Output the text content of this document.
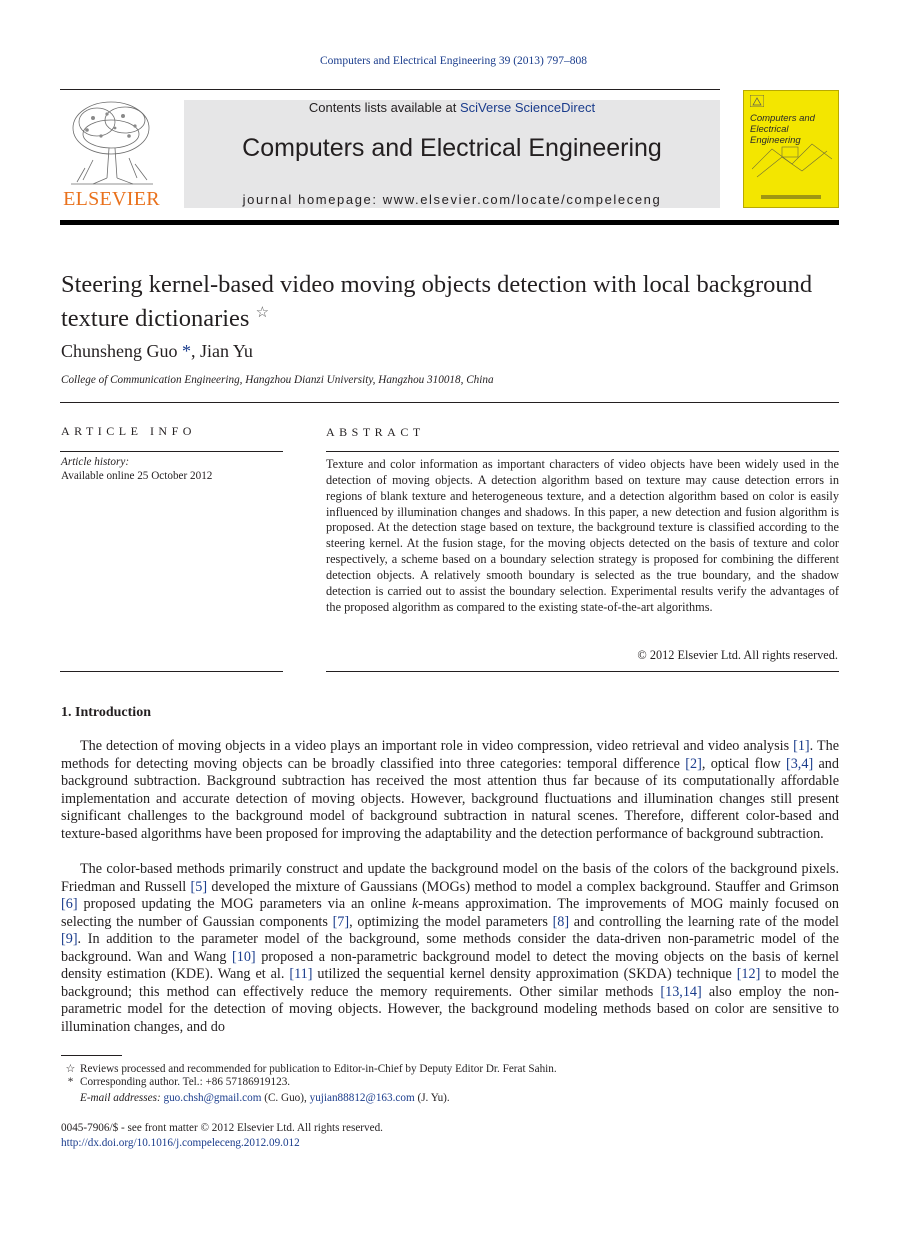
Computers and Electrical Engineering 39 (2013) 797–808
ELSEVIER
Contents lists available at SciVerse ScienceDirect
Computers and Electrical Engineering
journal homepage: www.elsevier.com/locate/compeleceng
Computers and
Electrical Engineering
Steering kernel-based video moving objects detection with local background texture dictionaries ☆
Chunsheng Guo *, Jian Yu
College of Communication Engineering, Hangzhou Dianzi University, Hangzhou 310018, China
ARTICLE INFO
Article history:
Available online 25 October 2012
ABSTRACT
Texture and color information as important characters of video objects have been widely used in the detection of moving objects. A detection algorithm based on texture may cause detection errors in regions of blank texture and heterogeneous texture, and a detection algorithm based on color is easily influenced by illumination changes and shadows. In this paper, a new detection and fusion algorithm is proposed. At the detection stage based on texture, the background texture is classified according to the steering kernel. At the fusion stage, for the moving objects detected on the basis of texture and color respectively, a scheme based on a boundary selection strategy is proposed for combining the different detection objects. A relatively smooth boundary is selected as the true boundary, and the shadow detection is carried out to assist the boundary selection. Experimental results verify the advantages of the proposed algorithm as compared to the existing state-of-the-art algorithms.
© 2012 Elsevier Ltd. All rights reserved.
1. Introduction
The detection of moving objects in a video plays an important role in video compression, video retrieval and video analysis [1]. The methods for detecting moving objects can be broadly classified into three categories: temporal difference [2], optical flow [3,4] and background subtraction. Background subtraction has received the most attention thus far because of its computationally affordable implementation and accurate detection of moving objects. However, background fluctuations and illumination changes still present significant challenges to the background model of background subtraction in natural scenes. Therefore, different color-based and texture-based algorithms have been proposed for improving the adaptability and the detection performance of background subtraction.
The color-based methods primarily construct and update the background model on the basis of the colors of the background pixels. Friedman and Russell [5] developed the mixture of Gaussians (MOGs) method to model a complex background. Stauffer and Grimson [6] proposed updating the MOG parameters via an online k-means approximation. The improvements of MOG mainly focused on selecting the number of Gaussian components [7], optimizing the model parameters [8] and controlling the learning rate of the model [9]. In addition to the parameter model of the background, some methods consider the data-driven non-parametric model of the background. Wan and Wang [10] proposed a non-parametric background model to detect the moving objects on the basis of kernel density estimation (KDE). Wang et al. [11] utilized the sequential kernel density approximation (SKDA) technique [12] to model the background; this method can effectively reduce the memory requirements. Other similar methods [13,14] also employ the non-parametric model for the detection of moving objects. However, the background modeling methods based on color are sensitive to illumination changes, and do
☆ Reviews processed and recommended for publication to Editor-in-Chief by Deputy Editor Dr. Ferat Sahin.
* Corresponding author. Tel.: +86 57186919123.
E-mail addresses: guo.chsh@gmail.com (C. Guo), yujian88812@163.com (J. Yu).
0045-7906/$ - see front matter © 2012 Elsevier Ltd. All rights reserved.
http://dx.doi.org/10.1016/j.compeleceng.2012.09.012
